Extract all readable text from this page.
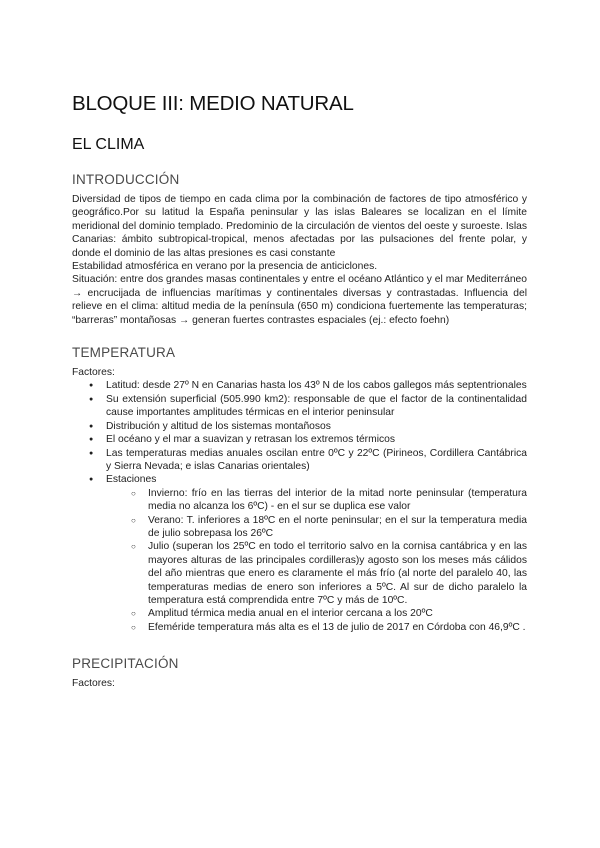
BLOQUE III: MEDIO NATURAL
EL CLIMA
INTRODUCCIÓN

Diversidad de tipos de tiempo en cada clima por la combinación de factores de tipo atmosférico y geográfico.Por su latitud la España peninsular y las islas Baleares se localizan en el límite meridional del dominio templado. Predominio de la circulación de vientos del oeste y suroeste. Islas Canarias: ámbito subtropical-tropical, menos afectadas por las pulsaciones del frente polar, y donde el dominio de las altas presiones es casi constante

Estabilidad atmosférica en verano por la presencia de anticiclones.

Situación: entre dos grandes masas continentales y entre el océano Atlántico y el mar Mediterráneo → encrucijada de influencias marítimas y continentales diversas y contrastadas. Influencia del relieve en el clima: altitud media de la península (650 m) condiciona fuertemente las temperaturas; “barreras” montañosas → generan fuertes contrastes espaciales (ej.: efecto foehn)

TEMPERATURA
Factores:
● Latitud: desde 27º N en Canarias hasta los 43º N de los cabos gallegos más septentrionales
● Su extensión superficial (505.990 km2): responsable de que el factor de la continentalidad cause importantes amplitudes térmicas en el interior peninsular
● Distribución y altitud de los sistemas montañosos
● El océano y el mar a suavizan y retrasan los extremos térmicos
● Las temperaturas medias anuales oscilan entre 0ºC y 22ºC (Pirineos, Cordillera Cantábrica y Sierra Nevada; e islas Canarias orientales)
● Estaciones
○ Invierno: frío en las tierras del interior de la mitad norte peninsular (temperatura media no alcanza los 6ºC) - en el sur se duplica ese valor
○ Verano: T. inferiores a 18ºC en el norte peninsular; en el sur la temperatura media de julio sobrepasa los 26ºC
○ Julio (superan los 25ºC en todo el territorio salvo en la cornisa cantábrica y en las mayores alturas de las principales cordilleras)y agosto son los meses más cálidos del año mientras que enero es claramente el más frío (al norte del paralelo 40, las temperaturas medias de enero son inferiores a 5ºC. Al sur de dicho paralelo la temperatura está comprendida entre 7ºC y más de 10ºC.
○ Amplitud térmica media anual en el interior cercana a los 20ºC
○ Efeméride temperatura más alta es el 13 de julio de 2017 en Córdoba con 46,9ºC .
PRECIPITACIÓN
Factores:
